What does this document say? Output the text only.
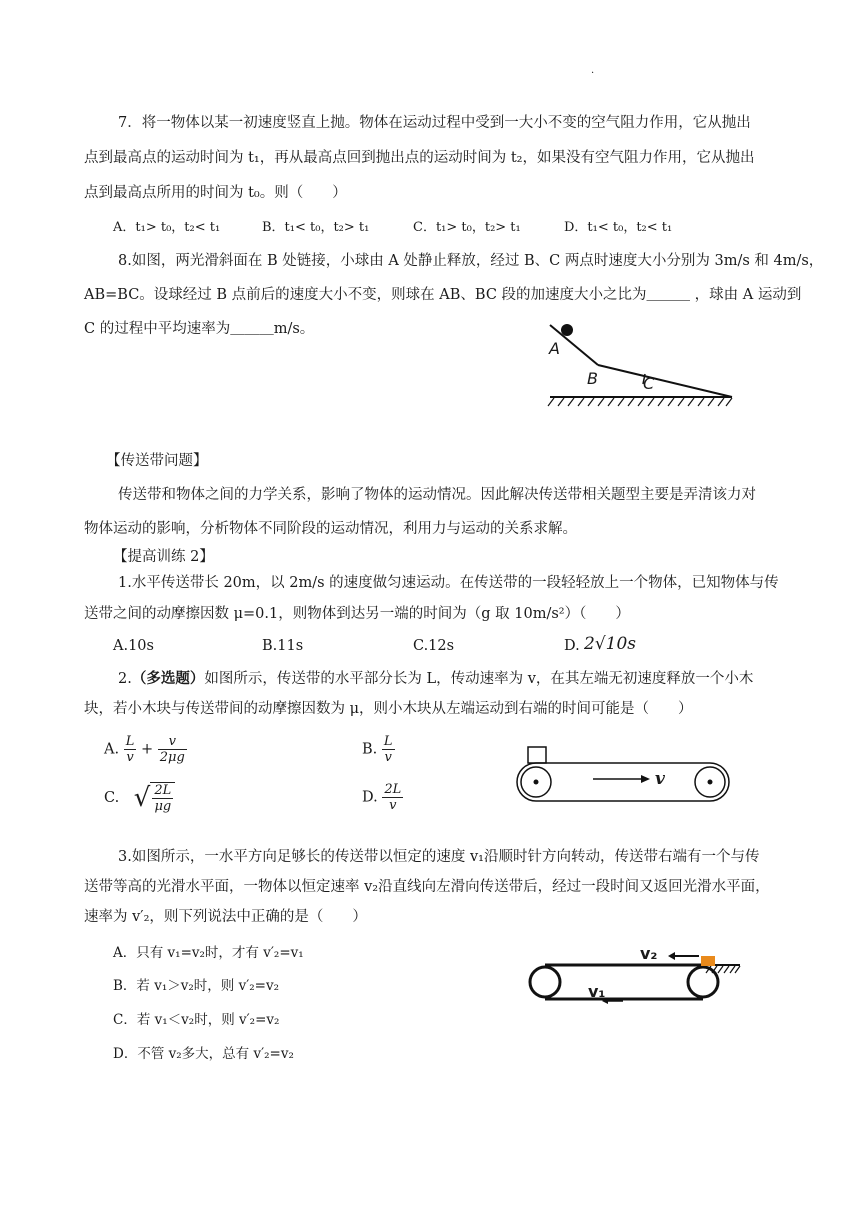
.
7．将一物体以某一初速度竖直上抛。物体在运动过程中受到一大小不变的空气阻力作用，它从抛出
点到最高点的运动时间为 t₁，再从最高点回到抛出点的运动时间为 t₂，如果没有空气阻力作用，它从抛出
点到最高点所用的时间为 t₀。则（　　）
A．t₁> t₀，t₂< t₁	B．t₁< t₀，t₂> t₁	C．t₁> t₀，t₂> t₁	D．t₁< t₀，t₂< t₁
8.如图，两光滑斜面在 B 处链接，小球由 A 处静止释放，经过 B、C 两点时速度大小分别为 3m/s 和 4m/s，
AB=BC。设球经过 B 点前后的速度大小不变，则球在 AB、BC 段的加速度大小之比为＿＿＿ ，球由 A 运动到
C 的过程中平均速率为＿＿＿m/s。
A
B	C
【传送带问题】
传送带和物体之间的力学关系，影响了物体的运动情况。因此解决传送带相关题型主要是弄清该力对
物体运动的影响，分析物体不同阶段的运动情况，利用力与运动的关系求解。
【提高训练 2】
1.水平传送带长 20m，以 2m/s 的速度做匀速运动。在传送带的一段轻轻放上一个物体，已知物体与传
送带之间的动摩擦因数 μ=0.1，则物体到达另一端的时间为（g 取 10m/s²）（　　）
A.10s	B.11s	C.12s	D. 2√10s
2.（多选题）如图所示，传送带的水平部分长为 L，传动速率为 v，在其左端无初速度释放一个小木
块，若小木块与传送带间的动摩擦因数为 μ，则小木块从左端运动到右端的时间可能是（　　）
A. $\frac{L}{v} + \frac{v}{2\mu g}$	B. $\frac{L}{v}$
C. √ $\frac{2L}{\mu g}$	D. $\frac{2L}{v}$
v
3.如图所示，一水平方向足够长的传送带以恒定的速度 v₁沿顺时针方向转动，传送带右端有一个与传
送带等高的光滑水平面，一物体以恒定速率 v₂沿直线向左滑向传送带后，经过一段时间又返回光滑水平面，
速率为 v′₂，则下列说法中正确的是（　　）
A．只有 v₁=v₂时，才有 v′₂=v₁
B．若 v₁＞v₂时，则 v′₂=v₂
C．若 v₁＜v₂时，则 v′₂=v₂
D．不管 v₂多大，总有 v′₂=v₂
v₂
v₁
